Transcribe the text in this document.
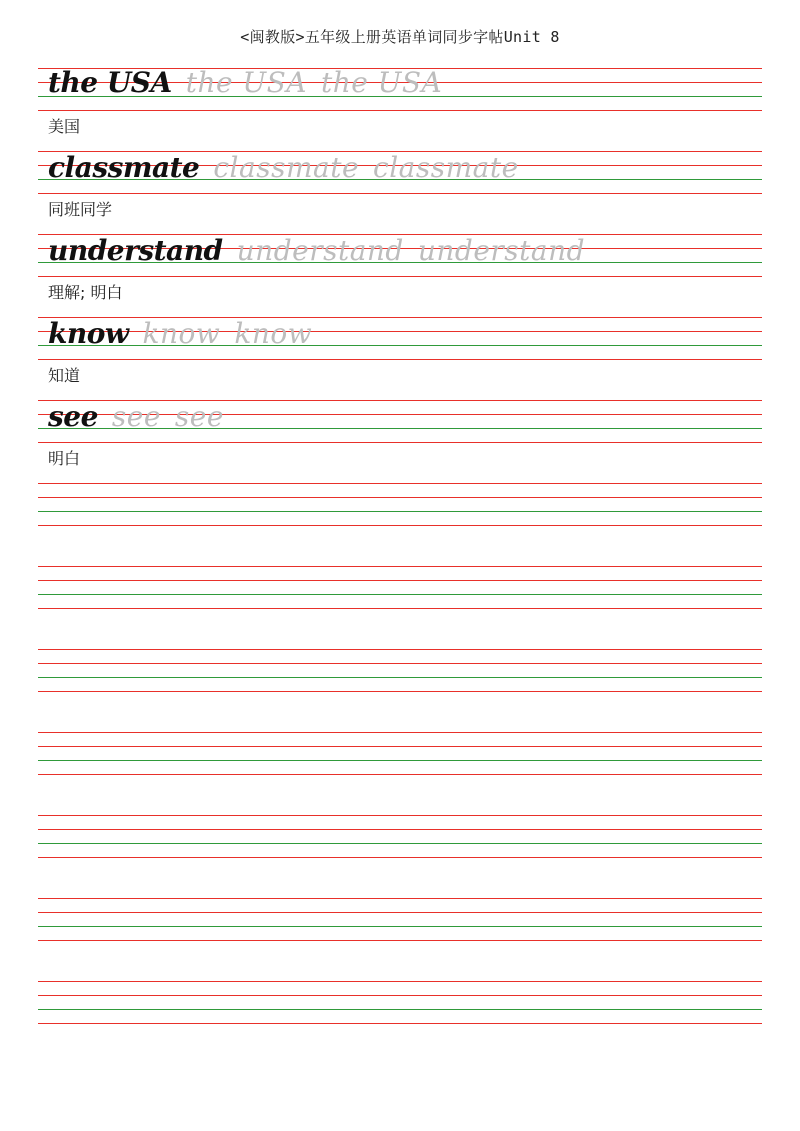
<闽教版>五年级上册英语单词同步字帖Unit 8
the USA the USA the USA
美国
classmate classmate classmate
同班同学
understand understand understand
理解; 明白
know know know
知道
see see see
明白
